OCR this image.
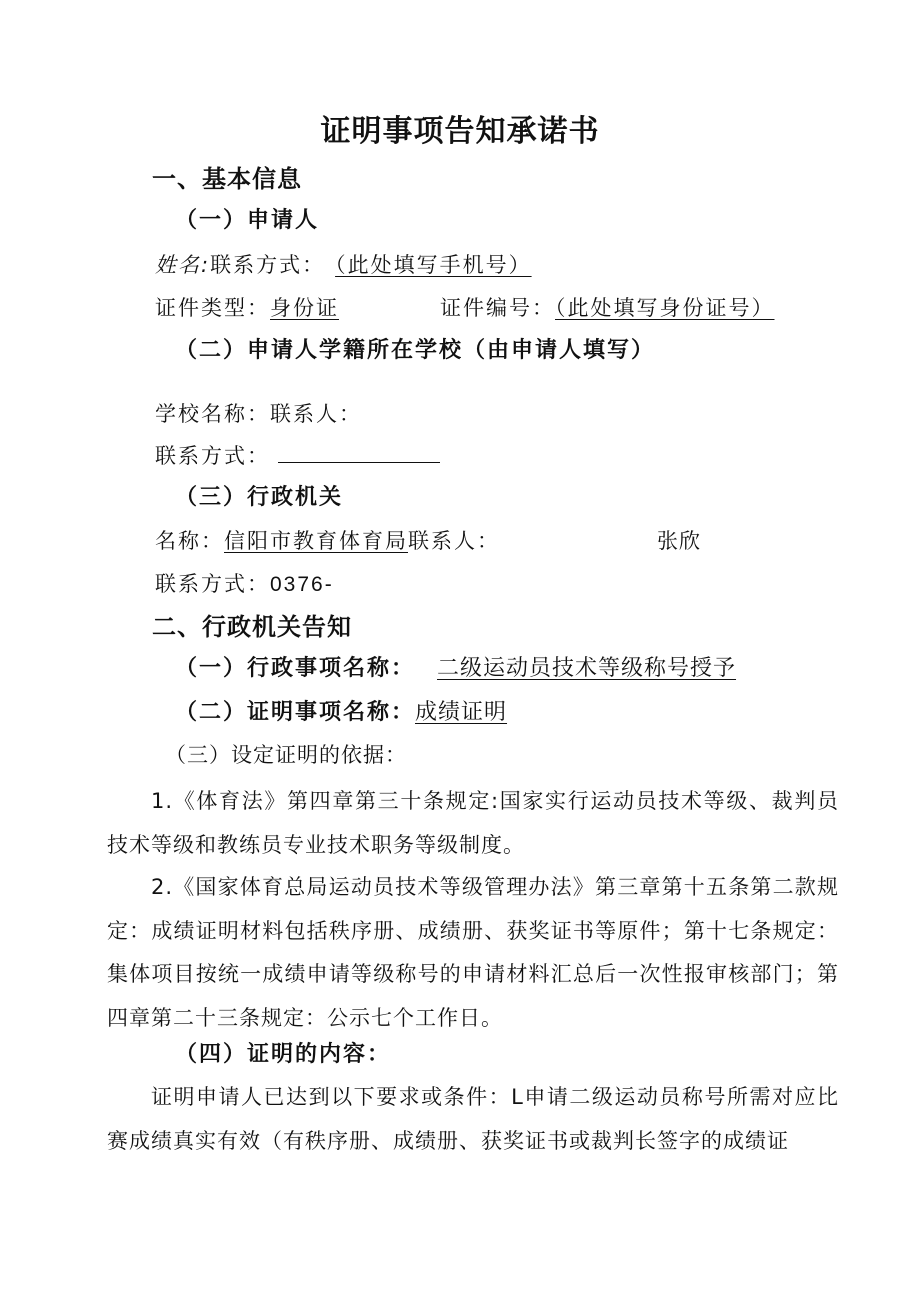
证明事项告知承诺书
一、基本信息
（一）申请人
姓名:联系方式： （此处填写手机号）
证件类型：身份证	证件编号：（此处填写身份证号）
（二）申请人学籍所在学校（由申请人填写）
学校名称：联系人：
联系方式：
（三）行政机关
名称：信阳市教育体育局联系人：	张欣
联系方式：0376-
二、行政机关告知
（一）行政事项名称： 二级运动员技术等级称号授予
（二）证明事项名称：成绩证明
（三）设定证明的依据：
1.《体育法》第四章第三十条规定:国家实行运动员技术等级、裁判员技术等级和教练员专业技术职务等级制度。
2.《国家体育总局运动员技术等级管理办法》第三章第十五条第二款规定：成绩证明材料包括秩序册、成绩册、获奖证书等原件；第十七条规定：集体项目按统一成绩申请等级称号的申请材料汇总后一次性报审核部门；第四章第二十三条规定：公示七个工作日。
（四）证明的内容：
证明申请人已达到以下要求或条件：L申请二级运动员称号所需对应比赛成绩真实有效（有秩序册、成绩册、获奖证书或裁判长签字的成绩证
